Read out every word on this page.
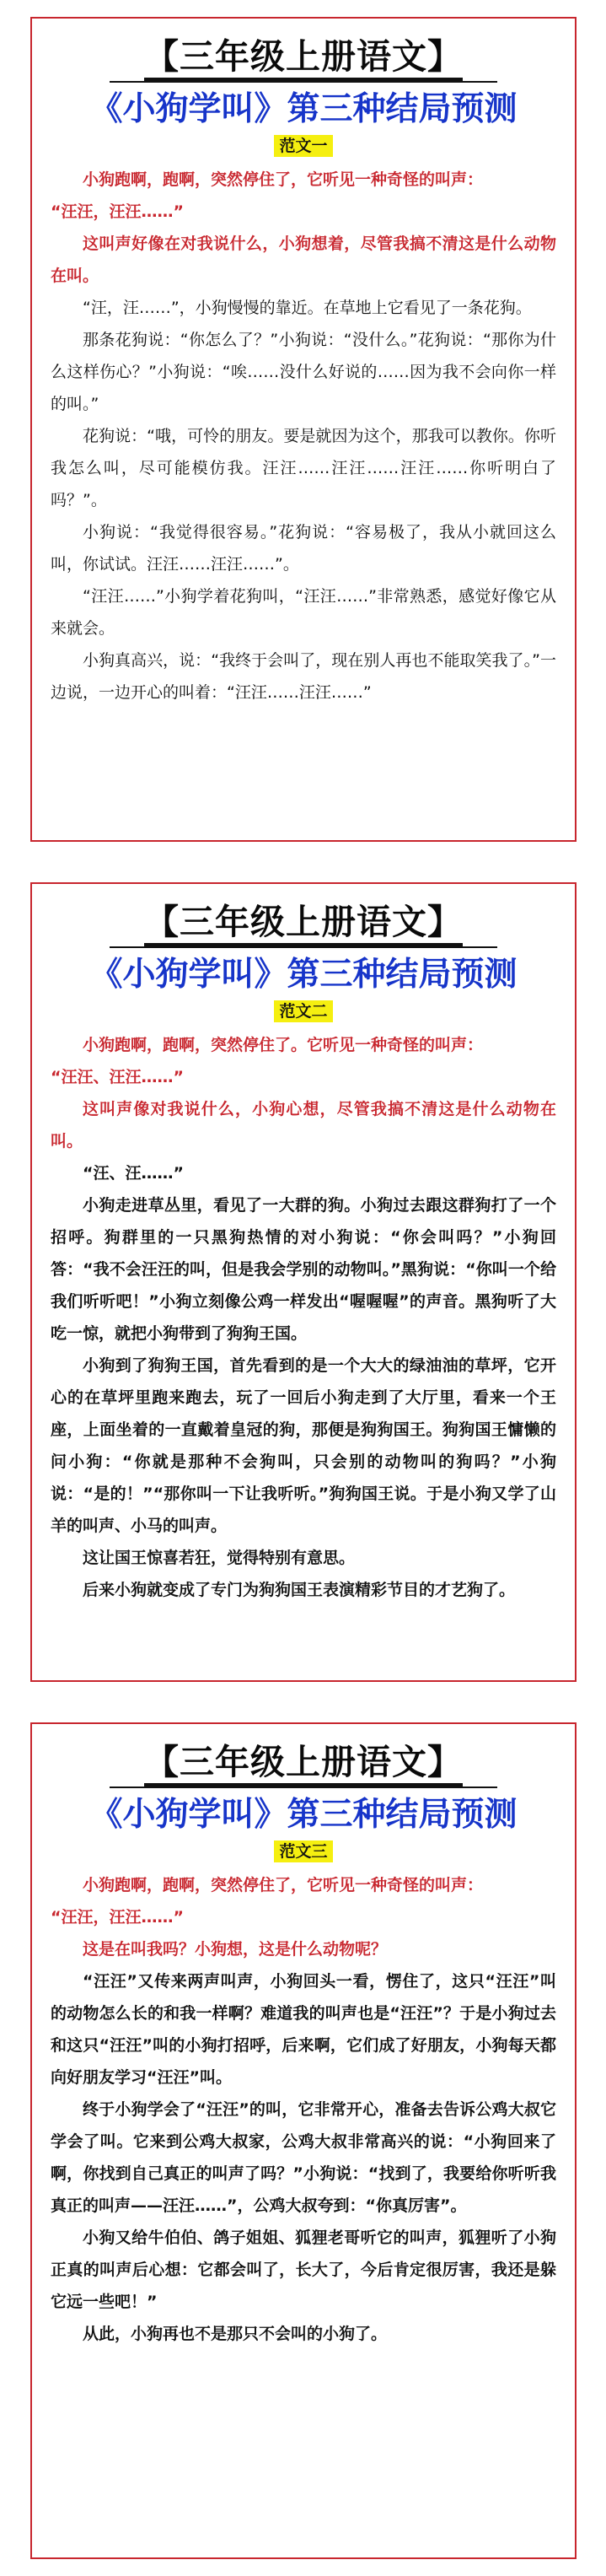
【三年级上册语文】
《小狗学叫》第三种结局预测
范文一

小狗跑啊，跑啊，突然停住了，它听见一种奇怪的叫声：

“汪汪，汪汪……”

这叫声好像在对我说什么，小狗想着，尽管我搞不清这是什么动物在叫。

“汪，汪……”，小狗慢慢的靠近。在草地上它看见了一条花狗。

那条花狗说：“你怎么了？”小狗说：“没什么。”花狗说：“那你为什么这样伤心？”小狗说：“唉……没什么好说的……因为我不会向你一样的叫。”

花狗说：“哦，可怜的朋友。要是就因为这个，那我可以教你。你听我怎么叫，尽可能模仿我。汪汪……汪汪……汪汪……你听明白了吗？”。

小狗说：“我觉得很容易。”花狗说：“容易极了，我从小就回这么叫，你试试。汪汪……汪汪……”。

“汪汪……”小狗学着花狗叫，“汪汪……”非常熟悉，感觉好像它从来就会。

小狗真高兴，说：“我终于会叫了，现在别人再也不能取笑我了。”一边说，一边开心的叫着：“汪汪……汪汪……”

【三年级上册语文】
《小狗学叫》第三种结局预测
范文二

小狗跑啊，跑啊，突然停住了。它听见一种奇怪的叫声：

“汪汪、汪汪……”

这叫声像对我说什么，小狗心想，尽管我搞不清这是什么动物在叫。

“汪、汪……”

小狗走进草丛里，看见了一大群的狗。小狗过去跟这群狗打了一个招呼。狗群里的一只黑狗热情的对小狗说：“你会叫吗？”小狗回答：“我不会汪汪的叫，但是我会学别的动物叫。”黑狗说：“你叫一个给我们听听吧！”小狗立刻像公鸡一样发出“喔喔喔”的声音。黑狗听了大吃一惊，就把小狗带到了狗狗王国。

小狗到了狗狗王国，首先看到的是一个大大的绿油油的草坪，它开心的在草坪里跑来跑去，玩了一回后小狗走到了大厅里，看来一个王座，上面坐着的一直戴着皇冠的狗，那便是狗狗国王。狗狗国王慵懒的问小狗：“你就是那种不会狗叫，只会别的动物叫的狗吗？”小狗说：“是的！”“那你叫一下让我听听。”狗狗国王说。于是小狗又学了山羊的叫声、小马的叫声。

这让国王惊喜若狂，觉得特别有意思。

后来小狗就变成了专门为狗狗国王表演精彩节目的才艺狗了。

【三年级上册语文】
《小狗学叫》第三种结局预测
范文三

小狗跑啊，跑啊，突然停住了，它听见一种奇怪的叫声：

“汪汪，汪汪……”

这是在叫我吗？小狗想，这是什么动物呢？

“汪汪”又传来两声叫声，小狗回头一看，愣住了，这只“汪汪”叫的动物怎么长的和我一样啊？难道我的叫声也是“汪汪”？于是小狗过去和这只“汪汪”叫的小狗打招呼，后来啊，它们成了好朋友，小狗每天都向好朋友学习“汪汪”叫。

终于小狗学会了“汪汪”的叫，它非常开心，准备去告诉公鸡大叔它学会了叫。它来到公鸡大叔家，公鸡大叔非常高兴的说：“小狗回来了啊，你找到自己真正的叫声了吗？”小狗说：“找到了，我要给你听听我真正的叫声——汪汪……”，公鸡大叔夸到：“你真厉害”。

小狗又给牛伯伯、鸽子姐姐、狐狸老哥听它的叫声，狐狸听了小狗正真的叫声后心想：它都会叫了，长大了，今后肯定很厉害，我还是躲它远一些吧！”

从此，小狗再也不是那只不会叫的小狗了。
